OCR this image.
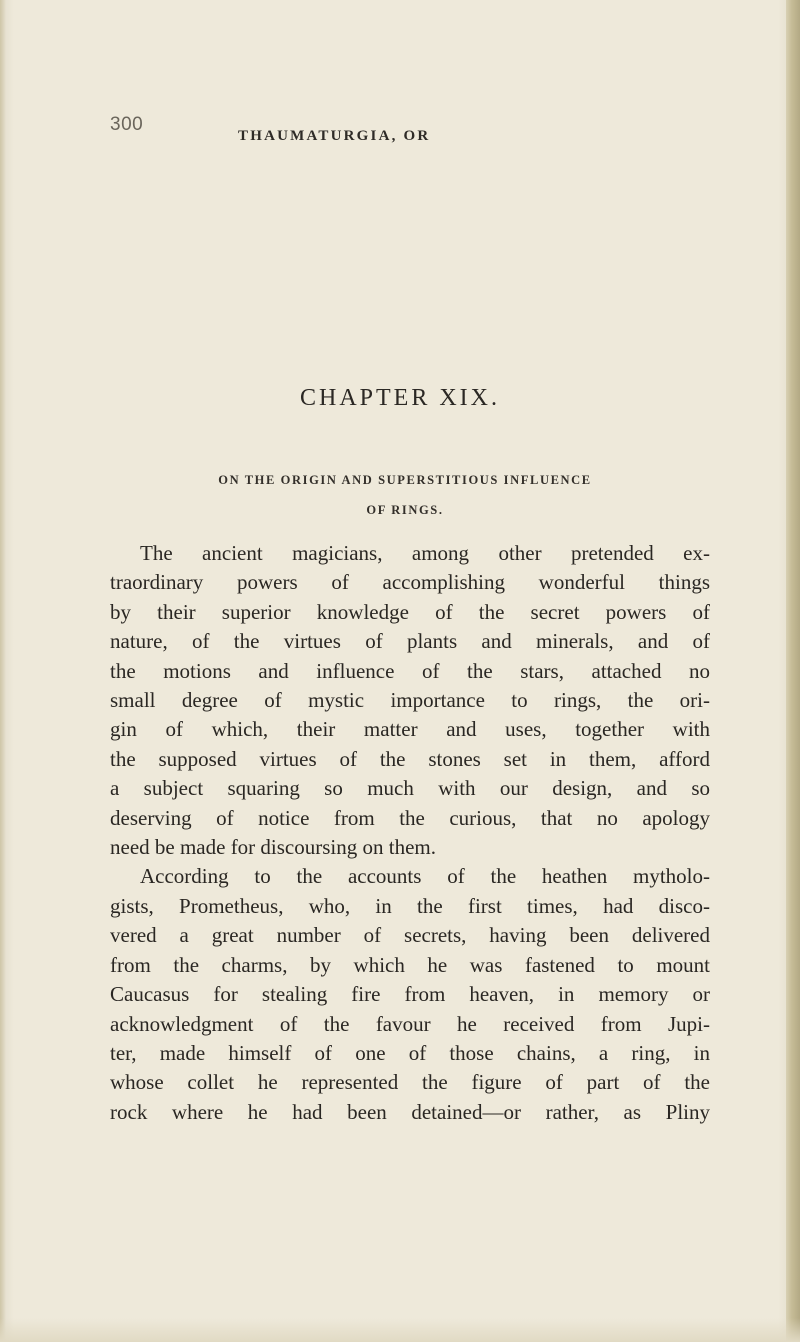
300
THAUMATURGIA, OR
CHAPTER XIX.
ON THE ORIGIN AND SUPERSTITIOUS INFLUENCE
OF RINGS.
The ancient magicians, among other pretended ex-
traordinary powers of accomplishing wonderful things
by their superior knowledge of the secret powers of
nature, of the virtues of plants and minerals, and of
the motions and influence of the stars, attached no
small degree of mystic importance to rings, the ori-
gin of which, their matter and uses, together with
the supposed virtues of the stones set in them, afford
a subject squaring so much with our design, and so
deserving of notice from the curious, that no apology
need be made for discoursing on them.
According to the accounts of the heathen mytholo-
gists, Prometheus, who, in the first times, had disco-
vered a great number of secrets, having been delivered
from the charms, by which he was fastened to mount
Caucasus for stealing fire from heaven, in memory or
acknowledgment of the favour he received from Jupi-
ter, made himself of one of those chains, a ring, in
whose collet he represented the figure of part of the
rock where he had been detained—or rather, as Pliny
